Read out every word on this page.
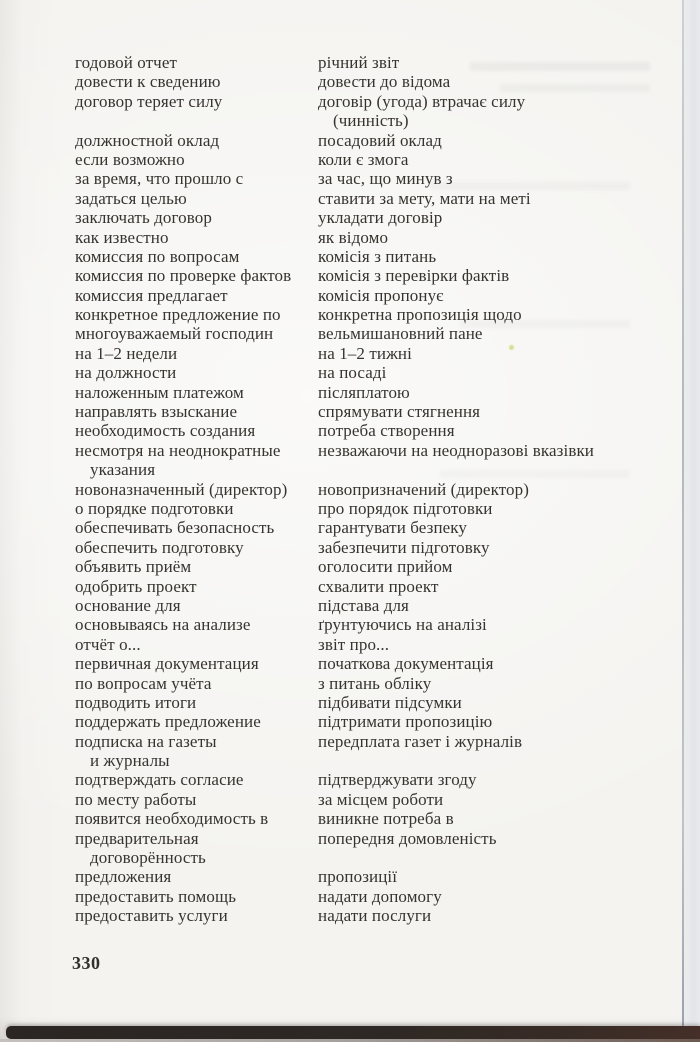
годовой отчет	річний звіт
довести к сведению	довести до відома
договор теряет силу	договір (угода) втрачає силу
(чинність)
должностной оклад	посадовий оклад
если возможно	коли є змога
за время, что прошло с	за час, що минув з
задаться целью	ставити за мету, мати на меті
заключать договор	укладати договір
как известно	як відомо
комиссия по вопросам	комісія з питань
комиссия по проверке фактов	комісія з перевірки фактів
комиссия предлагает	комісія пропонує
конкретное предложение по	конкретна пропозиція щодо
многоуважаемый господин	вельмишановний пане
на 1–2 недели	на 1–2 тижні
на должности	на посаді
наложенным платежом	післяплатою
направлять взыскание	спрямувати стягнення
необходимость создания	потреба створення
несмотря на неоднократные	незважаючи на неодноразові вказівки
указания
новоназначенный (директор)	новопризначений (директор)
о порядке подготовки	про порядок підготовки
обеспечивать безопасность	гарантувати безпеку
обеспечить подготовку	забезпечити підготовку
объявить приём	оголосити прийом
одобрить проект	схвалити проект
основание для	підстава для
основываясь на анализе	ґрунтуючись на аналізі
отчёт о...	звіт про...
первичная документация	початкова документація
по вопросам учёта	з питань обліку
подводить итоги	підбивати підсумки
поддержать предложение	підтримати пропозицію
подписка на газеты	передплата газет і журналів
и журналы
подтверждать согласие	підтверджувати згоду
по месту работы	за місцем роботи
появится необходимость в	виникне потреба в
предварительная	попередня домовленість
договорённость
предложения	пропозиції
предоставить помощь	надати допомогу
предоставить услуги	надати послуги
330
